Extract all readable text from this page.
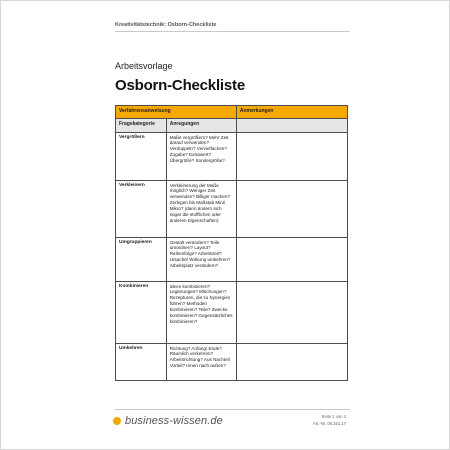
Kreativitätstechnik: Osborn-Checkliste
Arbeitsvorlage
Osborn-Checkliste
Verfahrensanweisung		Anmerkungen
Fragekategorie	Anregungen	
Vergrößern	Maße vergrößern? Mehr Zeit darauf verwenden? Verdoppeln? Vervielfachen? Zugabe? Extrawert? Übergröße? Sondergröße?	
Verkleinern	Verkleinerung der Maße möglich? Weniger Zeit verwenden? Billiger machen? Zerlegen bis Maßstab Mini/ Mikro? (dann ändern sich sogar die stofflichen oder anderen Eigenschaften)	
Umgruppieren	Gestalt verändern? Teile umordnen? Layout? Reihenfolge? Arbeitszeit? Ursache/ Wirkung umkehren? Arbeitsplatz verändern?	
Kombinieren	Ideen kombinieren? Legierungen? Mischungen? Rezepturen, die zu Synergien führen? Methoden kombinieren? Teile? Zwecke kombinieren? Gegensätzliches kombinieren?	
Umkehren	Richtung? Anfang/ Ende? Räumlich verkehren? Arbeitsrichtung? Aus Nachteil Vorteil? Innen nach außen?	
business-wissen.de	Seite 1 von 4
Art.-Nr. 06.161.17
